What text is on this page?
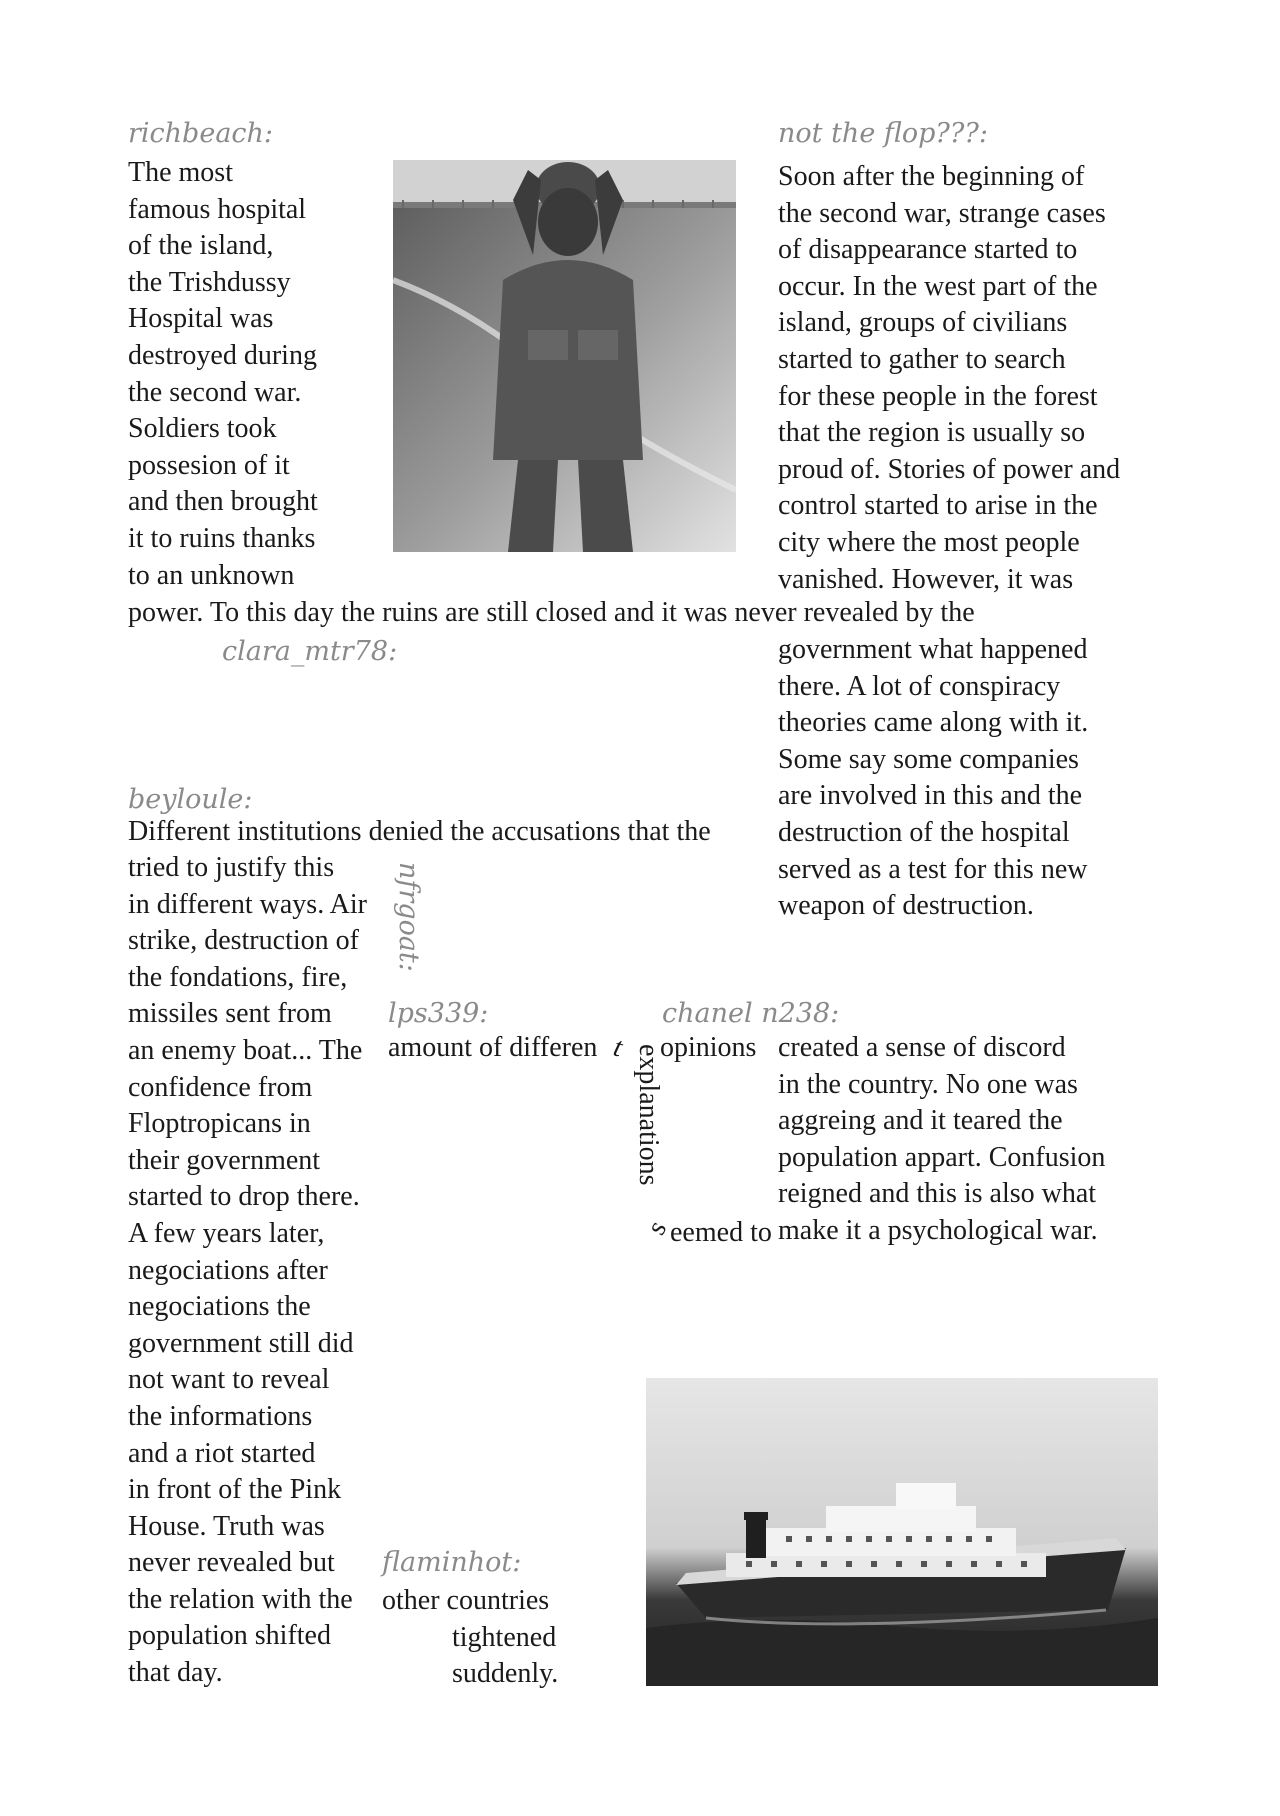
richbeach:
The most
famous hospital
of the island,
the Trishdussy
Hospital was
destroyed during
the second war.
Soldiers took
possesion of it
and then brought
it to ruins thanks
to an unknown
power. To this day the ruins are still closed and it was never revealed by the
not the flop???:
Soon after the beginning of
the second war, strange cases
of disappearance started to
occur. In the west part of the
island, groups of civilians
started to gather to search
for these people in the forest
that the region is usually so
proud of. Stories of power and
control started to arise in the
city where the most people
vanished. However, it was
government what happened
there. A lot of conspiracy
theories came along with it.
Some say some companies
are involved in this and the
destruction of the hospital
served as a test for this new
weapon of destruction.
clara_mtr78:
beyloule:
Different institutions denied the accusations that the
tried to justify this
in different ways. Air
strike, destruction of
the fondations, fire,
missiles sent from
an enemy boat... The
confidence from
Floptropicans in
their government
started to drop there.
A few years later,
negociations after
negociations the
government still did
not want to reveal
the informations
and a riot started
in front of the Pink
House. Truth was
never revealed but
the relation with the
population shifted
that day.
nfrgoat:
lps339:
amount of differen t explanations
s
eemed to
chanel n238:
opinions created a sense of discord
in the country. No one was
aggreing and it teared the
population appart. Confusion
reigned and this is also what
make it a psychological war.
flaminhot:
other countries
tightened
suddenly.
